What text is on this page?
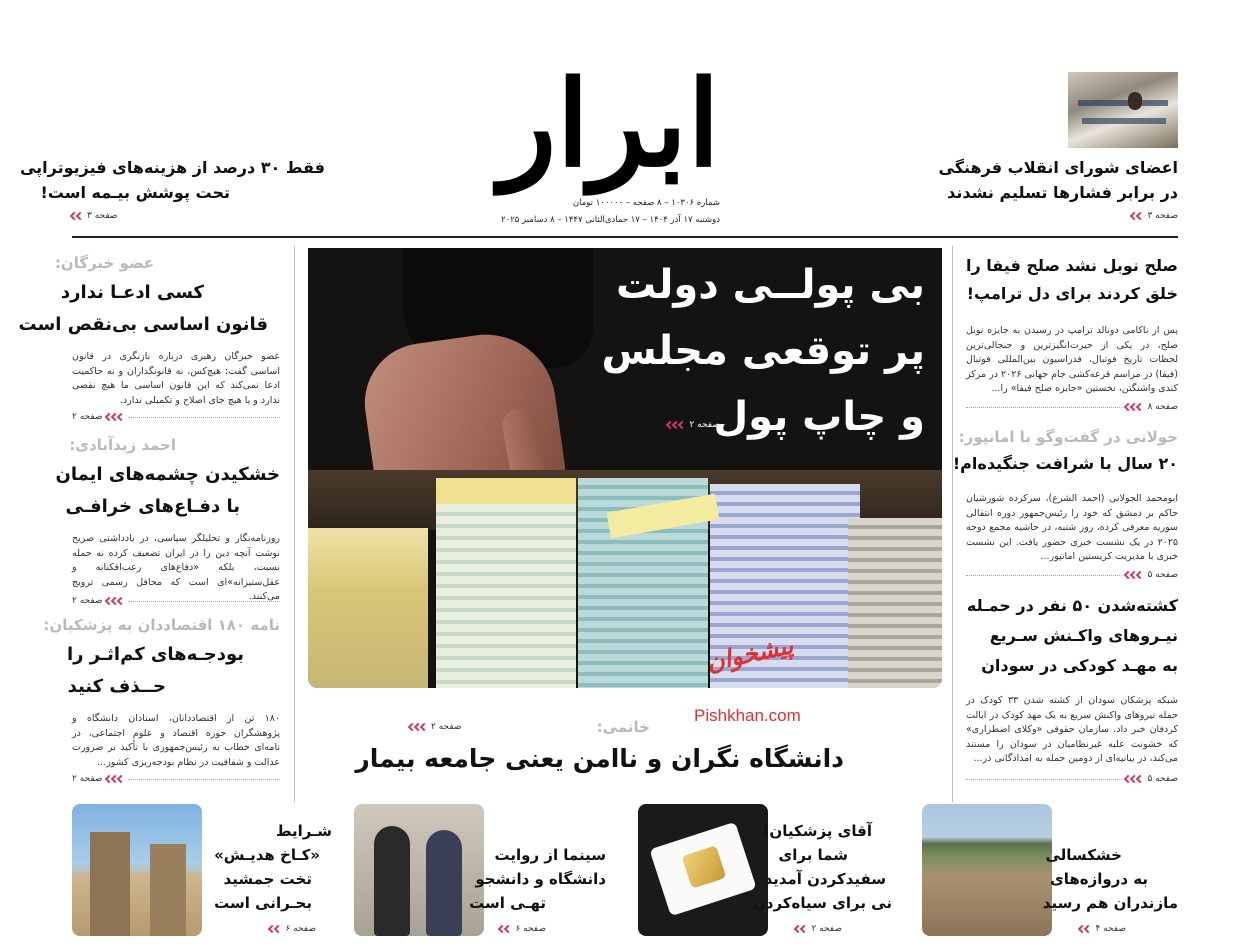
ابرار
شماره ۱۰۳۰۶ – ۸ صفحه – ۱۰۰۰۰۰ تومان
دوشنبه ۱۷ آذر ۱۴۰۴ – ۱۷ جمادی‌الثانی ۱۴۴۷ – ۸ دسامبر ۲۰۲۵
اعضای شورای انقلاب فرهنگی
در برابر فشارها تسلیم نشدند
صفحه ۳
فقط ۳۰ درصد از هزینه‌های فیزیوتراپی
تحت پوشش بیـمه است!
صفحه ۳
صلح نوبل نشد صلح فیفا را
خلق کردند برای دل ترامپ!
پس از ناکامی دونالد ترامپ در رسیدن به جایزه نوبل صلح، در یکی از حیرت‌انگیزترین و جنجالی‌ترین لحظات تاریخ فوتبال، فدراسیون بین‌المللی فوتبال (فیفا) در مراسم قرعه‌کشی جام جهانی ۲۰۲۶ در مرکز کندی واشنگتن، نخستین «جایزه صلح فیفا» را...
صفحه ۸
جولانی در گفت‌وگو با امانپور:
۲۰ سال با شرافت جنگیده‌ام!
ابومحمد الجولانی (احمد الشرع)، سرکرده شورشیان حاکم بر دمشق که خود را رئیس‌جمهور دوره انتقالی سوریه معرفی کرده، روز شنبه، در حاشیه مجمع دوحه ۲۰۲۵ در یک نشست خبری حضور یافت. این نشست خبری با مدیریت کریستین امانپور...
صفحه ۵
کشته‌شدن ۵۰ نفر در حمـله
نیـروهای واکـنش سـریع
به مهـد کودکی در سودان
شبکه پزشکان سودان از کشته شدن ۳۳ کودک در حمله نیروهای واکنش سریع به یک مهد کودک در ایالت کردفان خبر داد. سازمان حقوقی «وکلای اضطراری» که خشونت علیه غیرنظامیان در سودان را مستند می‌کند، در بیانیه‌ای از دومین حمله به امدادگانی در...
صفحه ۵
عضو خبرگان:
کسی ادعـا ندارد
قانون اساسی بی‌نقص است
عضو خبرگان رهبری درباره بازنگری در قانون اساسی گفت: هیچ‌کس، نه قانونگذاران و نه حاکمیت ادعا نمی‌کند که این قانون اساسی ما هیچ نقصی ندارد و یا هیچ جای اصلاح و تکمیلی ندارد.
صفحه ۲
احمد زیدآبادی:
خشکیدن چشمه‌های ایمان
با دفـاع‌های خرافـی
روزنامه‌نگار و تحلیلگر سیاسی، در یادداشتی صریح نوشت آنچه دین را در ایران تضعیف کرده نه حمله نسبت، بلکه «دفاع‌های رعب‌افکنانه و عقل‌ستیزانه‌»ای است که محافل رسمی ترویج می‌کنند.
صفحه ۲
نامه ۱۸۰ اقتصاددان به پزشکیان:
بودجـه‌های کم‌اثـر را
حــذف کنید
۱۸۰ تن از اقتصاددانان، استادان دانشگاه و پژوهشگران حوزه اقتصاد و علوم اجتماعی، در نامه‌ای خطاب به رئیس‌جمهوری با تأکید بر ضرورت عدالت و شفافیت در نظام بودجه‌ریزی کشور...
صفحه ۲
بی پولــی دولت
پر توقعی مجلس
و چاپ پول
صفحه ۲
پیشخوان
Pishkhan.com
خاتمی:
صفحه ۲
دانشگاه نگران و ناامن یعنی جامعه بیمار
خشکسالی
به دروازه‌های
مازندران هم رسید
صفحه ۴
آقای پزشکیان!
شما برای
سفیدکردن آمدید
نی برای سیاه‌کردن
صفحه ۲
سینما از روایت
دانشگاه و دانشجو
تهـی است
صفحه ۶
شـرایط
«کـاخ هدیـش»
تخت جمشید
بحـرانی است
صفحه ۶
